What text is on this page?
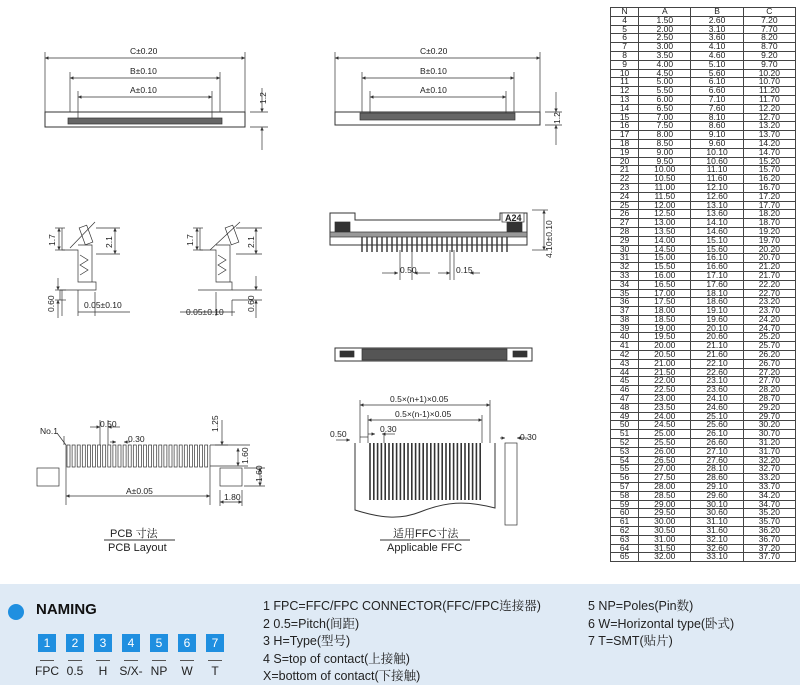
C±0.20
B±0.10
A±0.10
1.2
C±0.20
B±0.10
A±0.10
1.2
1.7	2.1
0.60	0.05±0.10
1.7	2.1
0.60
0.05±0.10
A24
4.10±0.10
0.50	0.15
No.1
0.50
0.30
1.25
1.60
1.60
A±0.05
1.80
PCB 寸法
PCB Layout
0.5×(n+1)×0.05
0.5×(n-1)×0.05
0.50	0.30
0.30
适用FFC寸法
Applicable FFC
N	A	B	C
4	1.50	2.60	7.20
5	2.00	3.10	7.70
6	2.50	3.60	8.20
7	3.00	4.10	8.70
8	3.50	4.60	9.20
9	4.00	5.10	9.70
10	4.50	5.60	10.20
11	5.00	6.10	10.70
12	5.50	6.60	11.20
13	6.00	7.10	11.70
14	6.50	7.60	12.20
15	7.00	8.10	12.70
16	7.50	8.60	13.20
17	8.00	9.10	13.70
18	8.50	9.60	14.20
19	9.00	10.10	14.70
20	9.50	10.60	15.20
21	10.00	11.10	15.70
22	10.50	11.60	16.20
23	11.00	12.10	16.70
24	11.50	12.60	17.20
25	12.00	13.10	17.70
26	12.50	13.60	18.20
27	13.00	14.10	18.70
28	13.50	14.60	19.20
29	14.00	15.10	19.70
30	14.50	15.60	20.20
31	15.00	16.10	20.70
32	15.50	16.60	21.20
33	16.00	17.10	21.70
34	16.50	17.60	22.20
35	17.00	18.10	22.70
36	17.50	18.60	23.20
37	18.00	19.10	23.70
38	18.50	19.60	24.20
39	19.00	20.10	24.70
40	19.50	20.60	25.20
41	20.00	21.10	25.70
42	20.50	21.60	26.20
43	21.00	22.10	26.70
44	21.50	22.60	27.20
45	22.00	23.10	27.70
46	22.50	23.60	28.20
47	23.00	24.10	28.70
48	23.50	24.60	29.20
49	24.00	25.10	29.70
50	24.50	25.60	30.20
51	25.00	26.10	30.70
52	25.50	26.60	31.20
53	26.00	27.10	31.70
54	26.50	27.60	32.20
55	27.00	28.10	32.70
56	27.50	28.60	33.20
57	28.00	29.10	33.70
58	28.50	29.60	34.20
59	29.00	30.10	34.70
60	29.50	30.60	35.20
61	30.00	31.10	35.70
62	30.50	31.60	36.20
63	31.00	32.10	36.70
64	31.50	32.60	37.20
65	32.00	33.10	37.70
NAMING
1
FPC
2
0.5
3
H
4
S/X-
5
NP
6
W
7
T
1 FPC=FFC/FPC CONNECTOR(FFC/FPC连接器)
2 0.5=Pitch(间距)
3 H=Type(型号)
4 S=top of contact(上接触)
X=bottom of contact(下接触)
5 NP=Poles(Pin数)
6 W=Horizontal type(卧式)
7 T=SMT(贴片)
